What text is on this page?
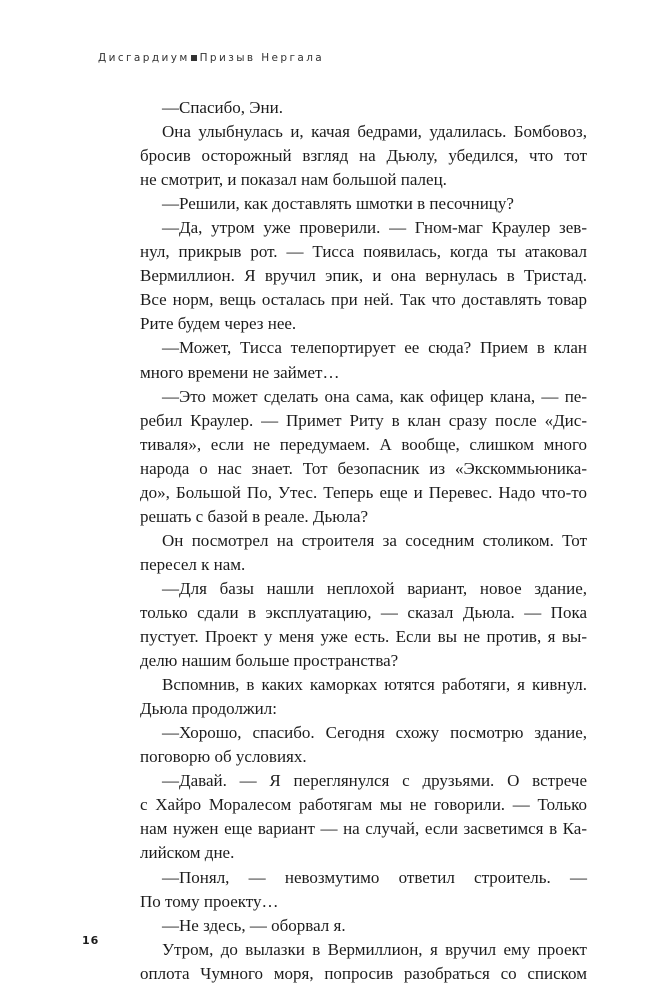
Дисгардиум Призыв Нергала
—Спасибо, Эни.
Она улыбнулась и, качая бедрами, удалилась. Бомбовоз,
бросив осторожный взгляд на Дьюлу, убедился, что тот
не смотрит, и показал нам большой палец.
—Решили, как доставлять шмотки в песочницу?
—Да, утром уже проверили. — Гном-маг Краулер зев-
нул, прикрыв рот. — Тисса появилась, когда ты атаковал
Вермиллион. Я вручил эпик, и она вернулась в Тристад.
Все норм, вещь осталась при ней. Так что доставлять товар
Рите будем через нее.
—Может, Тисса телепортирует ее сюда? Прием в клан
много времени не займет…
—Это может сделать она сама, как офицер клана, — пе-
ребил Краулер. — Примет Риту в клан сразу после «Дис-
тиваля», если не передумаем. А вообще, слишком много
народа о нас знает. Тот безопасник из «Экскоммьюника-
до», Большой По, Утес. Теперь еще и Перевес. Надо что-то
решать с базой в реале. Дьюла?
Он посмотрел на строителя за соседним столиком. Тот
пересел к нам.
—Для базы нашли неплохой вариант, новое здание,
только сдали в эксплуатацию, — сказал Дьюла. — Пока
пустует. Проект у меня уже есть. Если вы не против, я вы-
делю нашим больше пространства?
Вспомнив, в каких каморках ютятся работяги, я кивнул.
Дьюла продолжил:
—Хорошо, спасибо. Сегодня схожу посмотрю здание,
поговорю об условиях.
—Давай. — Я переглянулся с друзьями. О встрече
с Хайро Моралесом работягам мы не говорили. — Только
нам нужен еще вариант — на случай, если засветимся в Ка-
лийском дне.
—Понял, — невозмутимо ответил строитель. —
По тому проекту…
—Не здесь, — оборвал я.
Утром, до вылазки в Вермиллион, я вручил ему проект
оплота Чумного моря, попросив разобраться со списком
16
